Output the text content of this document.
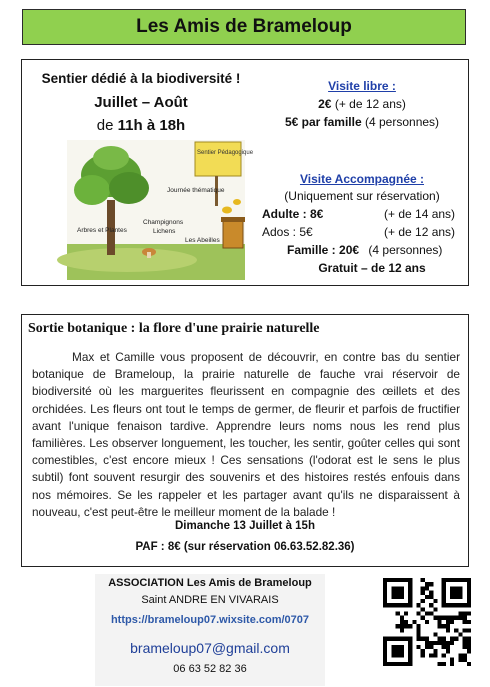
Les Amis de Brameloup
Sentier dédié à la biodiversité !
Juillet – Août
de 11h à 18h
Sentier Pédagogique
Journée thématique
Arbres et Plantes
Champignons
Lichens
Les Abeilles
Visite libre :
2€ (+ de 12 ans)
5€ par famille (4 personnes)
Visite Accompagnée :
(Uniquement sur réservation)
Adulte : 8€	(+ de 14 ans)
Ados : 5€	(+ de 12 ans)
Famille : 20€ (4 personnes)
Gratuit – de 12 ans
Sortie botanique : la flore d'une prairie naturelle
Max et Camille vous proposent de découvrir, en contre bas du sentier botanique de Brameloup, la prairie naturelle de fauche vrai réservoir de biodiversité où les marguerites fleurissent en compagnie des œillets et des orchidées. Les fleurs ont tout le temps de germer, de fleurir et parfois de fructifier avant l'unique fenaison tardive. Apprendre leurs noms nous les rend plus familières. Les observer longuement, les toucher, les sentir, goûter celles qui sont comestibles, c'est encore mieux ! Ces sensations (l'odorat est le sens le plus subtil) font souvent resurgir des souvenirs et des histoires restés enfouis dans nos mémoires. Se les rappeler et les partager avant qu'ils ne disparaissent à nouveau, c'est peut-être le meilleur moment de la balade !
Dimanche 13 Juillet à 15h
PAF : 8€ (sur réservation 06.63.52.82.36)
ASSOCIATION Les Amis de Brameloup
Saint ANDRE EN VIVARAIS
https://brameloup07.wixsite.com/0707
brameloup07@gmail.com
06 63 52 82 36
